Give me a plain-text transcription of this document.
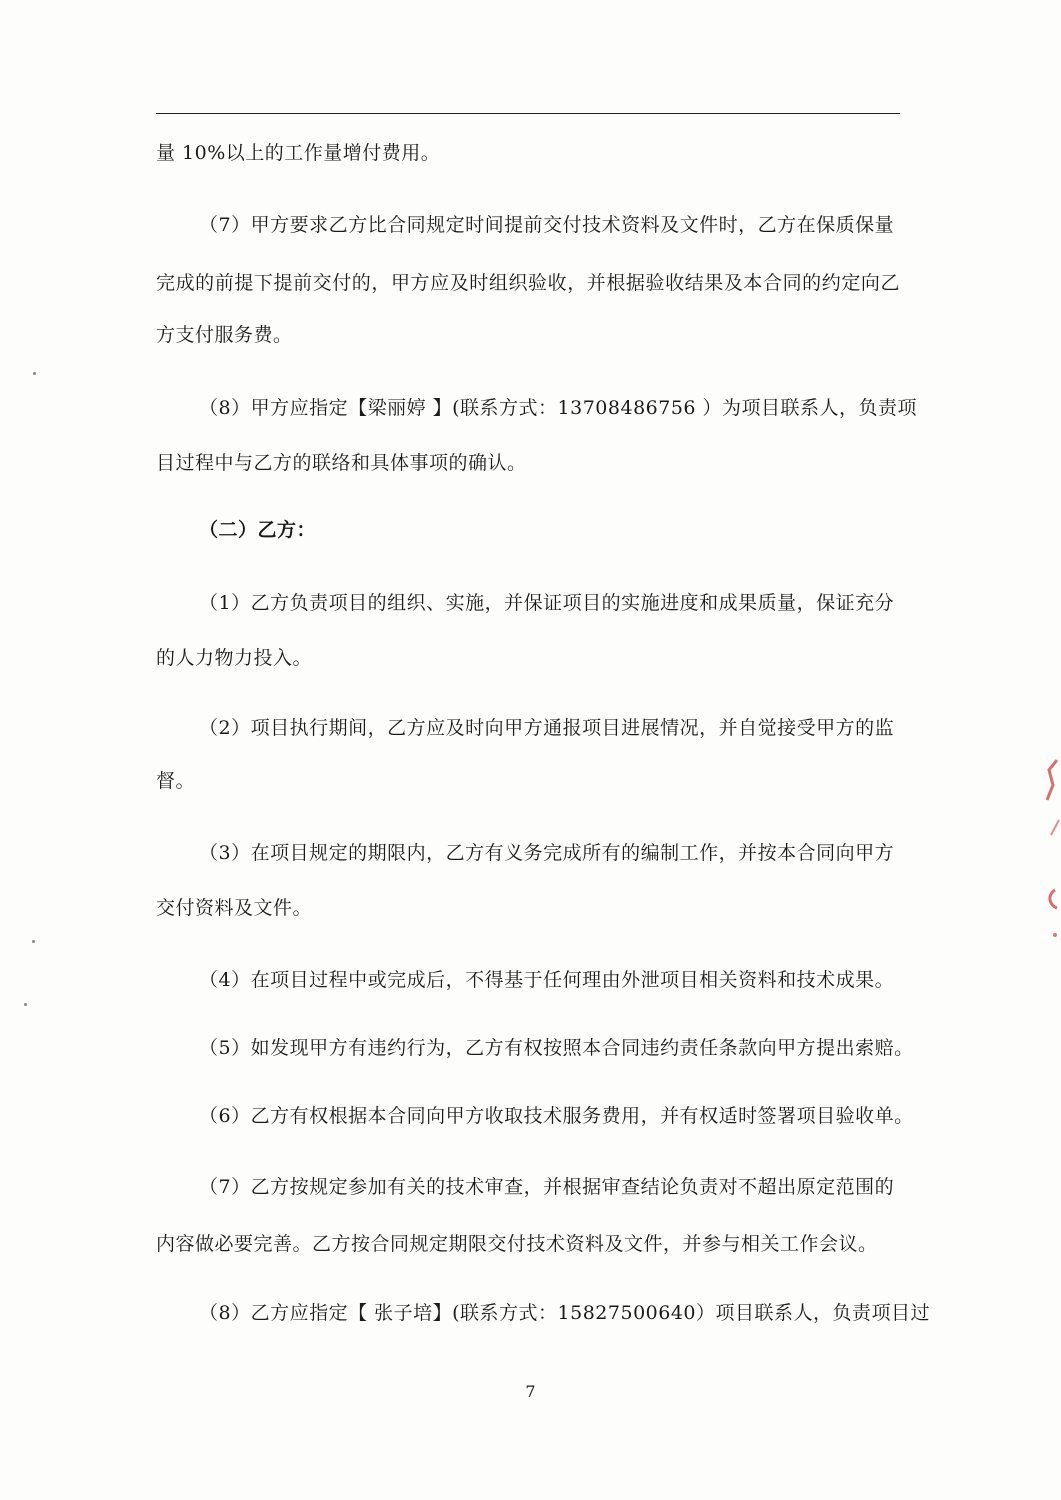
量 10%以上的工作量增付费用。
（7）甲方要求乙方比合同规定时间提前交付技术资料及文件时，乙方在保质保量
完成的前提下提前交付的，甲方应及时组织验收，并根据验收结果及本合同的约定向乙
方支付服务费。
（8）甲方应指定【梁丽婷 】(联系方式：13708486756 ）为项目联系人，负责项
目过程中与乙方的联络和具体事项的确认。
（二）乙方：
（1）乙方负责项目的组织、实施，并保证项目的实施进度和成果质量，保证充分
的人力物力投入。
（2）项目执行期间，乙方应及时向甲方通报项目进展情况，并自觉接受甲方的监
督。
（3）在项目规定的期限内，乙方有义务完成所有的编制工作，并按本合同向甲方
交付资料及文件。
（4）在项目过程中或完成后，不得基于任何理由外泄项目相关资料和技术成果。
（5）如发现甲方有违约行为，乙方有权按照本合同违约责任条款向甲方提出索赔。
（6）乙方有权根据本合同向甲方收取技术服务费用，并有权适时签署项目验收单。
（7）乙方按规定参加有关的技术审查，并根据审查结论负责对不超出原定范围的
内容做必要完善。乙方按合同规定期限交付技术资料及文件，并参与相关工作会议。
（8）乙方应指定【 张子培】(联系方式：15827500640）项目联系人，负责项目过
7
